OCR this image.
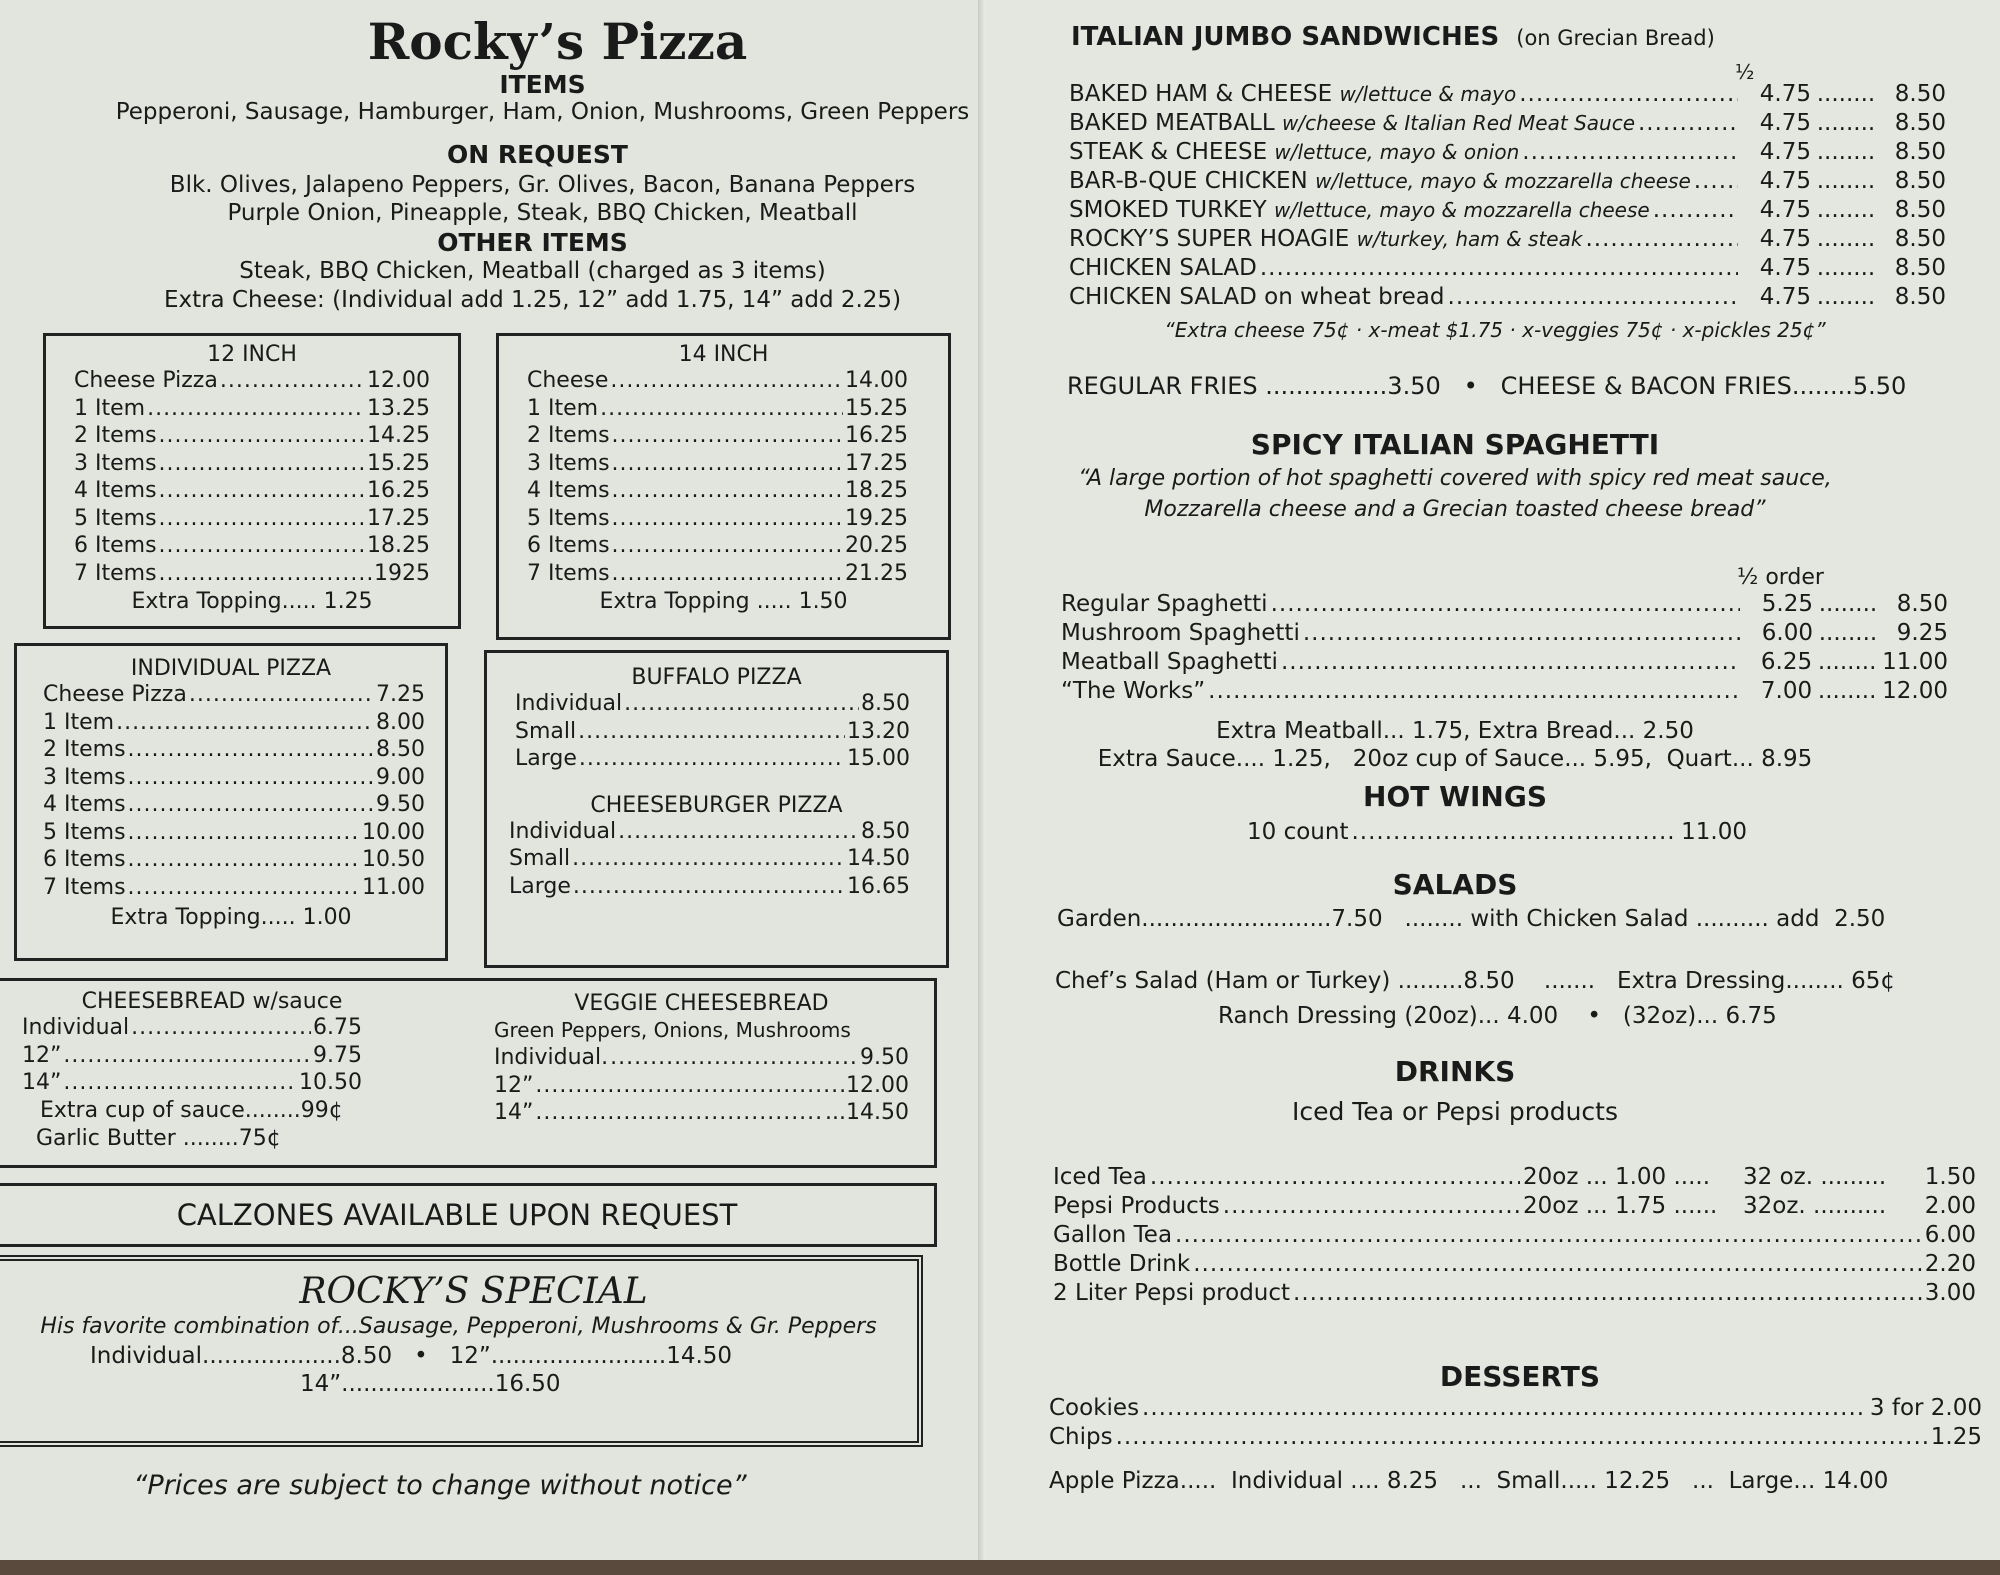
Rocky’s Pizza
ITEMS
Pepperoni, Sausage, Hamburger, Ham, Onion, Mushrooms, Green Peppers
ON REQUEST
Blk. Olives, Jalapeno Peppers, Gr. Olives, Bacon, Banana Peppers
Purple Onion, Pineapple, Steak, BBQ Chicken, Meatball
OTHER ITEMS
Steak, BBQ Chicken, Meatball (charged as 3 items)
Extra Cheese: (Individual add 1.25, 12” add 1.75, 14” add 2.25)
12 INCH
Cheese Pizza .....	12.00
1 Item .....	13.25
2 Items .....	14.25
3 Items .....	15.25
4 Items .....	16.25
5 Items .....	17.25
6 Items .....	18.25
7 Items .....	1925
Extra Topping..... 1.25
14 INCH
Cheese .....	14.00
1 Item .....	15.25
2 Items .....	16.25
3 Items .....	17.25
4 Items .....	18.25
5 Items .....	19.25
6 Items .....	20.25
7 Items .....	21.25
Extra Topping ..... 1.50
INDIVIDUAL PIZZA
Cheese Pizza .....	7.25
1 Item .....	8.00
2 Items .....	8.50
3 Items .....	9.00
4 Items .....	9.50
5 Items .....	10.00
6 Items .....	10.50
7 Items .....	11.00
Extra Topping..... 1.00
BUFFALO PIZZA
Individual .....	8.50
Small .....	13.20
Large .....	15.00
CHEESEBURGER PIZZA
Individual .....	8.50
Small .....	14.50
Large .....	16.65
CHEESEBREAD w/sauce
Individual .....	6.75
12” .....	9.75
14” .....	10.50
Extra cup of sauce........99¢
Garlic Butter ........75¢
VEGGIE CHEESEBREAD
Green Peppers, Onions, Mushrooms
Individual. .....	9.50
12” .....	12.00
14” .....	...14.50
CALZONES AVAILABLE UPON REQUEST
ROCKY’S SPECIAL
His favorite combination of...Sausage, Pepperoni, Mushrooms & Gr. Peppers
Individual...................8.50   •   12”........................14.50
14”.....................16.50
“Prices are subject to change without notice”
ITALIAN JUMBO SANDWICHES (on Grecian Bread)
½
BAKED HAM & CHEESE w/lettuce & mayo .....	4.75 ........ 8.50
BAKED MEATBALL w/cheese & Italian Red Meat Sauce .....	4.75 ........ 8.50
STEAK & CHEESE w/lettuce, mayo & onion .....	4.75 ........ 8.50
BAR-B-QUE CHICKEN w/lettuce, mayo & mozzarella cheese .....	4.75 ........ 8.50
SMOKED TURKEY w/lettuce, mayo & mozzarella cheese .....	4.75 ........ 8.50
ROCKY’S SUPER HOAGIE w/turkey, ham & steak .....	4.75 ........ 8.50
CHICKEN SALAD .....	4.75 ........ 8.50
CHICKEN SALAD on wheat bread .....	4.75 ........ 8.50
“Extra cheese 75¢ · x-meat $1.75 · x-veggies 75¢ · x-pickles 25¢”
REGULAR FRIES ................3.50   •   CHEESE & BACON FRIES........5.50
SPICY ITALIAN SPAGHETTI
“A large portion of hot spaghetti covered with spicy red meat sauce,
Mozzarella cheese and a Grecian toasted cheese bread”
½ order
Regular Spaghetti .....	5.25 ........ 8.50
Mushroom Spaghetti .....	6.00 ........ 9.25
Meatball Spaghetti .....	6.25 ........ 11.00
“The Works” .....	7.00 ........ 12.00
Extra Meatball... 1.75, Extra Bread... 2.50
Extra Sauce.... 1.25,   20oz cup of Sauce... 5.95,  Quart... 8.95
HOT WINGS
10 count .....	11.00
SALADS
Garden..........................7.50   ........ with Chicken Salad .......... add  2.50
Chef’s Salad (Ham or Turkey) .........8.50    .......   Extra Dressing........ 65¢
Ranch Dressing (20oz)... 4.00    •   (32oz)... 6.75
DRINKS
Iced Tea or Pepsi products
Iced Tea .....	20oz ... 1.00 .....	32 oz. .........	1.50
Pepsi Products .....	20oz ... 1.75 ......	32oz. ..........	2.00
Gallon Tea .....	6.00
Bottle Drink .....	2.20
2 Liter Pepsi product .....	3.00
DESSERTS
Cookies .....	3 for 2.00
Chips .....	1.25
Apple Pizza.....  Individual .... 8.25   ...  Small..... 12.25   ...  Large... 14.00
